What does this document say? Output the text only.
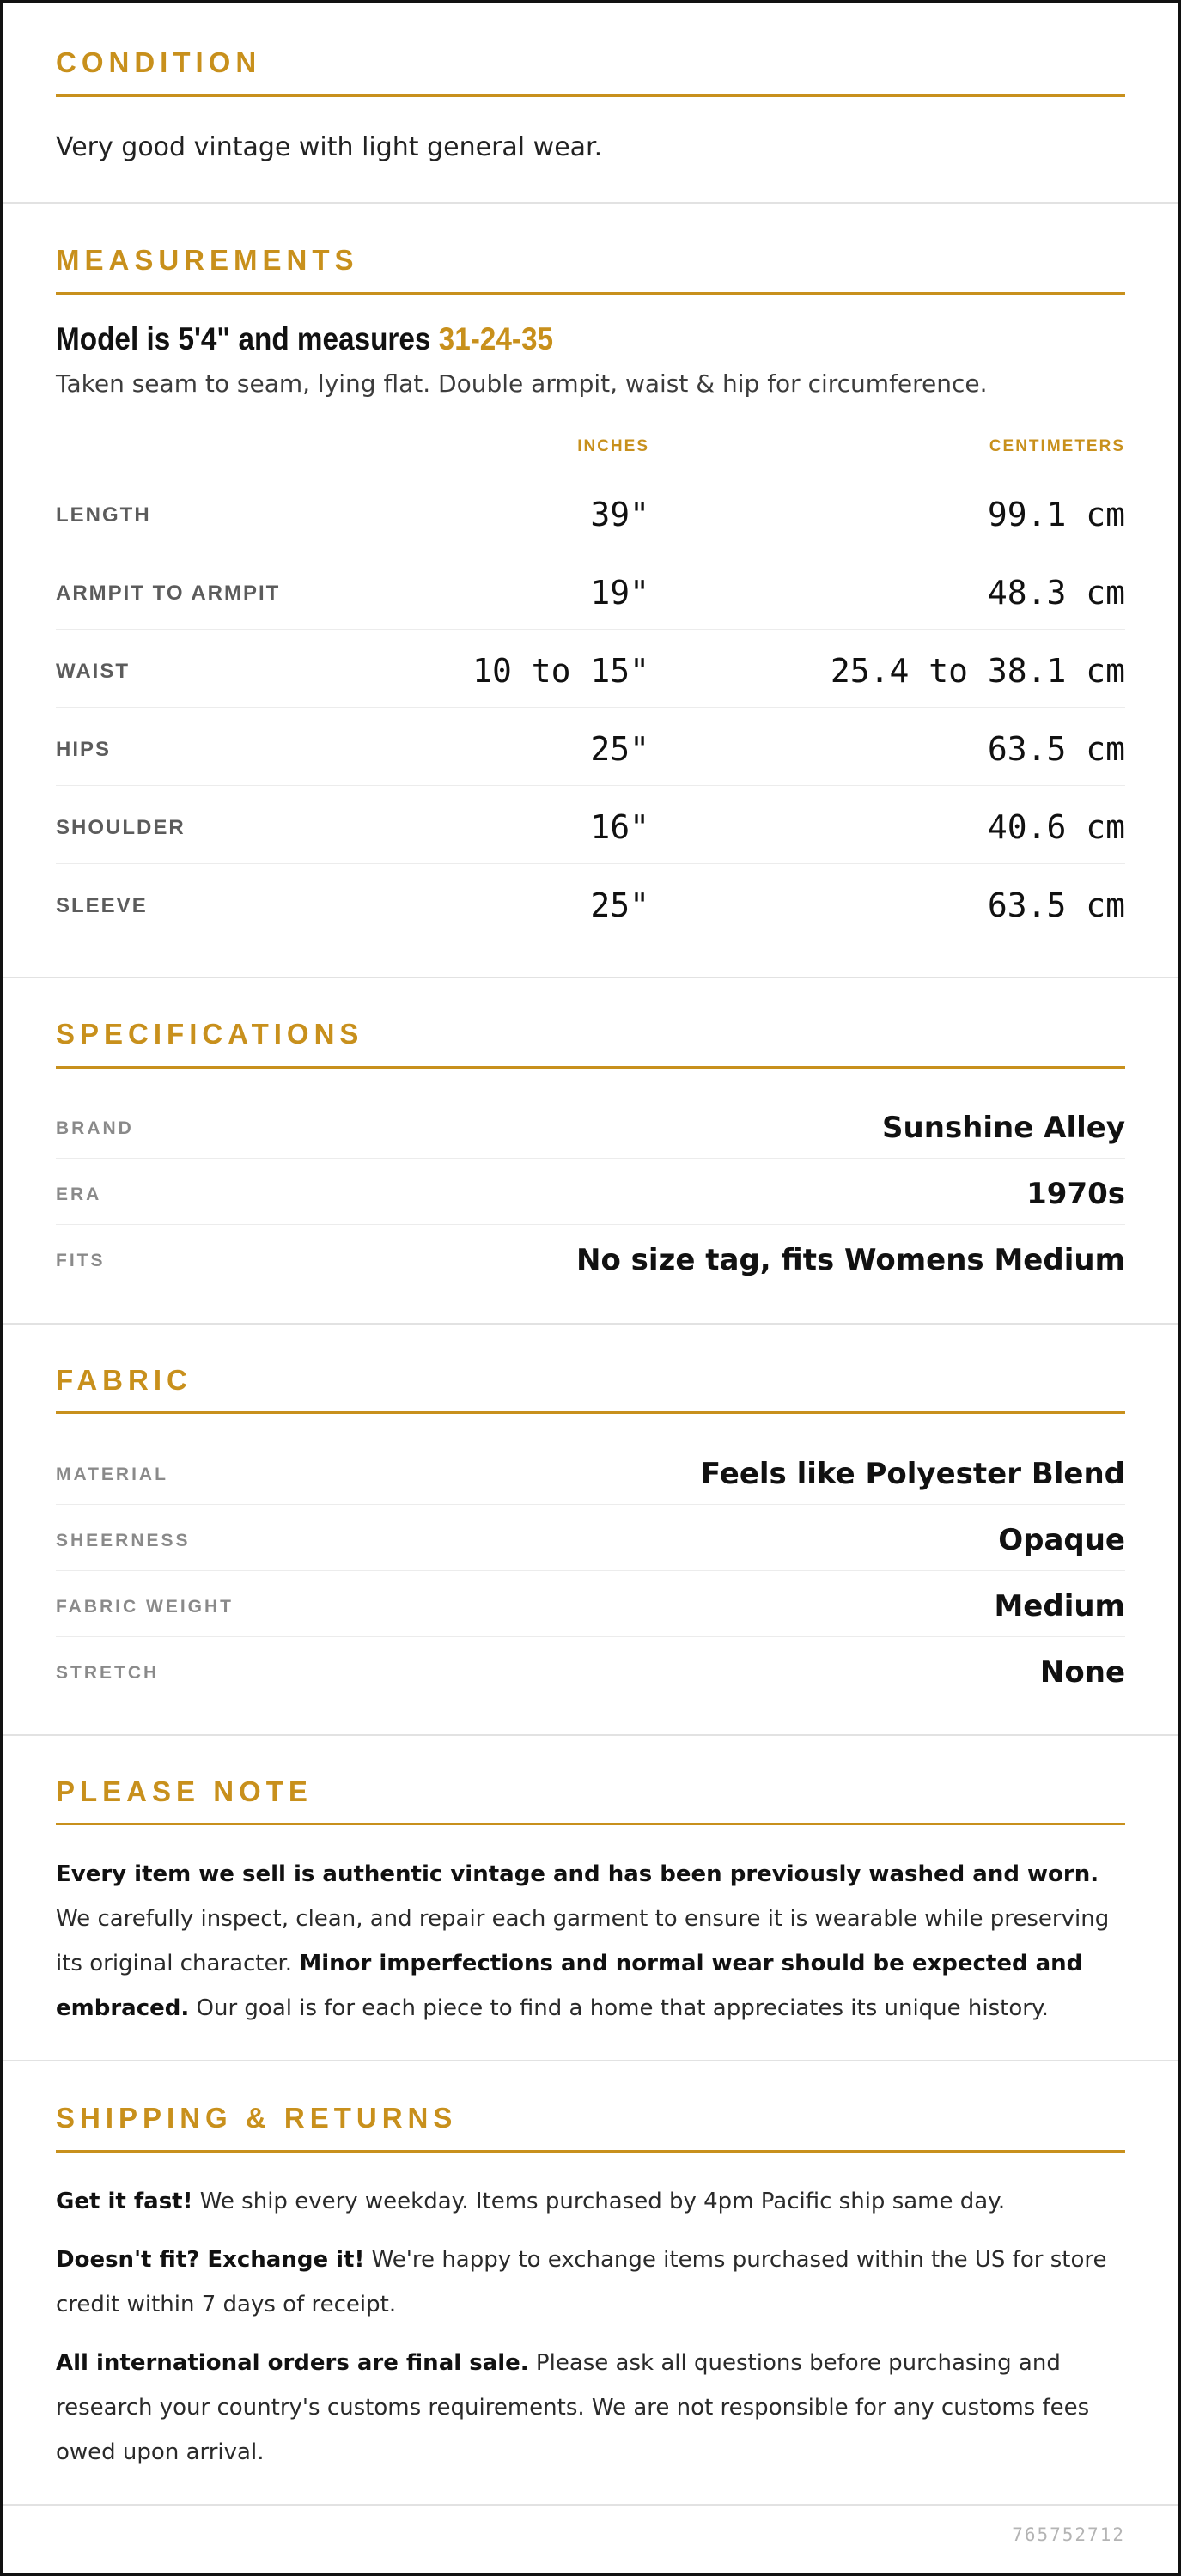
CONDITION
Very good vintage with light general wear.
MEASUREMENTS
Model is 5'4" and measures 31-24-35
Taken seam to seam, lying flat. Double armpit, waist & hip for circumference.
INCHES	CENTIMETERS
LENGTH	39"	99.1 cm
ARMPIT TO ARMPIT	19"	48.3 cm
WAIST	10 to 15"	25.4 to 38.1 cm
HIPS	25"	63.5 cm
SHOULDER	16"	40.6 cm
SLEEVE	25"	63.5 cm
SPECIFICATIONS
BRAND	Sunshine Alley
ERA	1970s
FITS	No size tag, fits Womens Medium
FABRIC
MATERIAL	Feels like Polyester Blend
SHEERNESS	Opaque
FABRIC WEIGHT	Medium
STRETCH	None
PLEASE NOTE
Every item we sell is authentic vintage and has been previously washed and worn. We carefully inspect, clean, and repair each garment to ensure it is wearable while preserving its original character. Minor imperfections and normal wear should be expected and embraced. Our goal is for each piece to find a home that appreciates its unique history.
SHIPPING & RETURNS
Get it fast! We ship every weekday. Items purchased by 4pm Pacific ship same day.
Doesn't fit? Exchange it! We're happy to exchange items purchased within the US for store credit within 7 days of receipt.
All international orders are final sale. Please ask all questions before purchasing and research your country's customs requirements. We are not responsible for any customs fees owed upon arrival.
765752712
